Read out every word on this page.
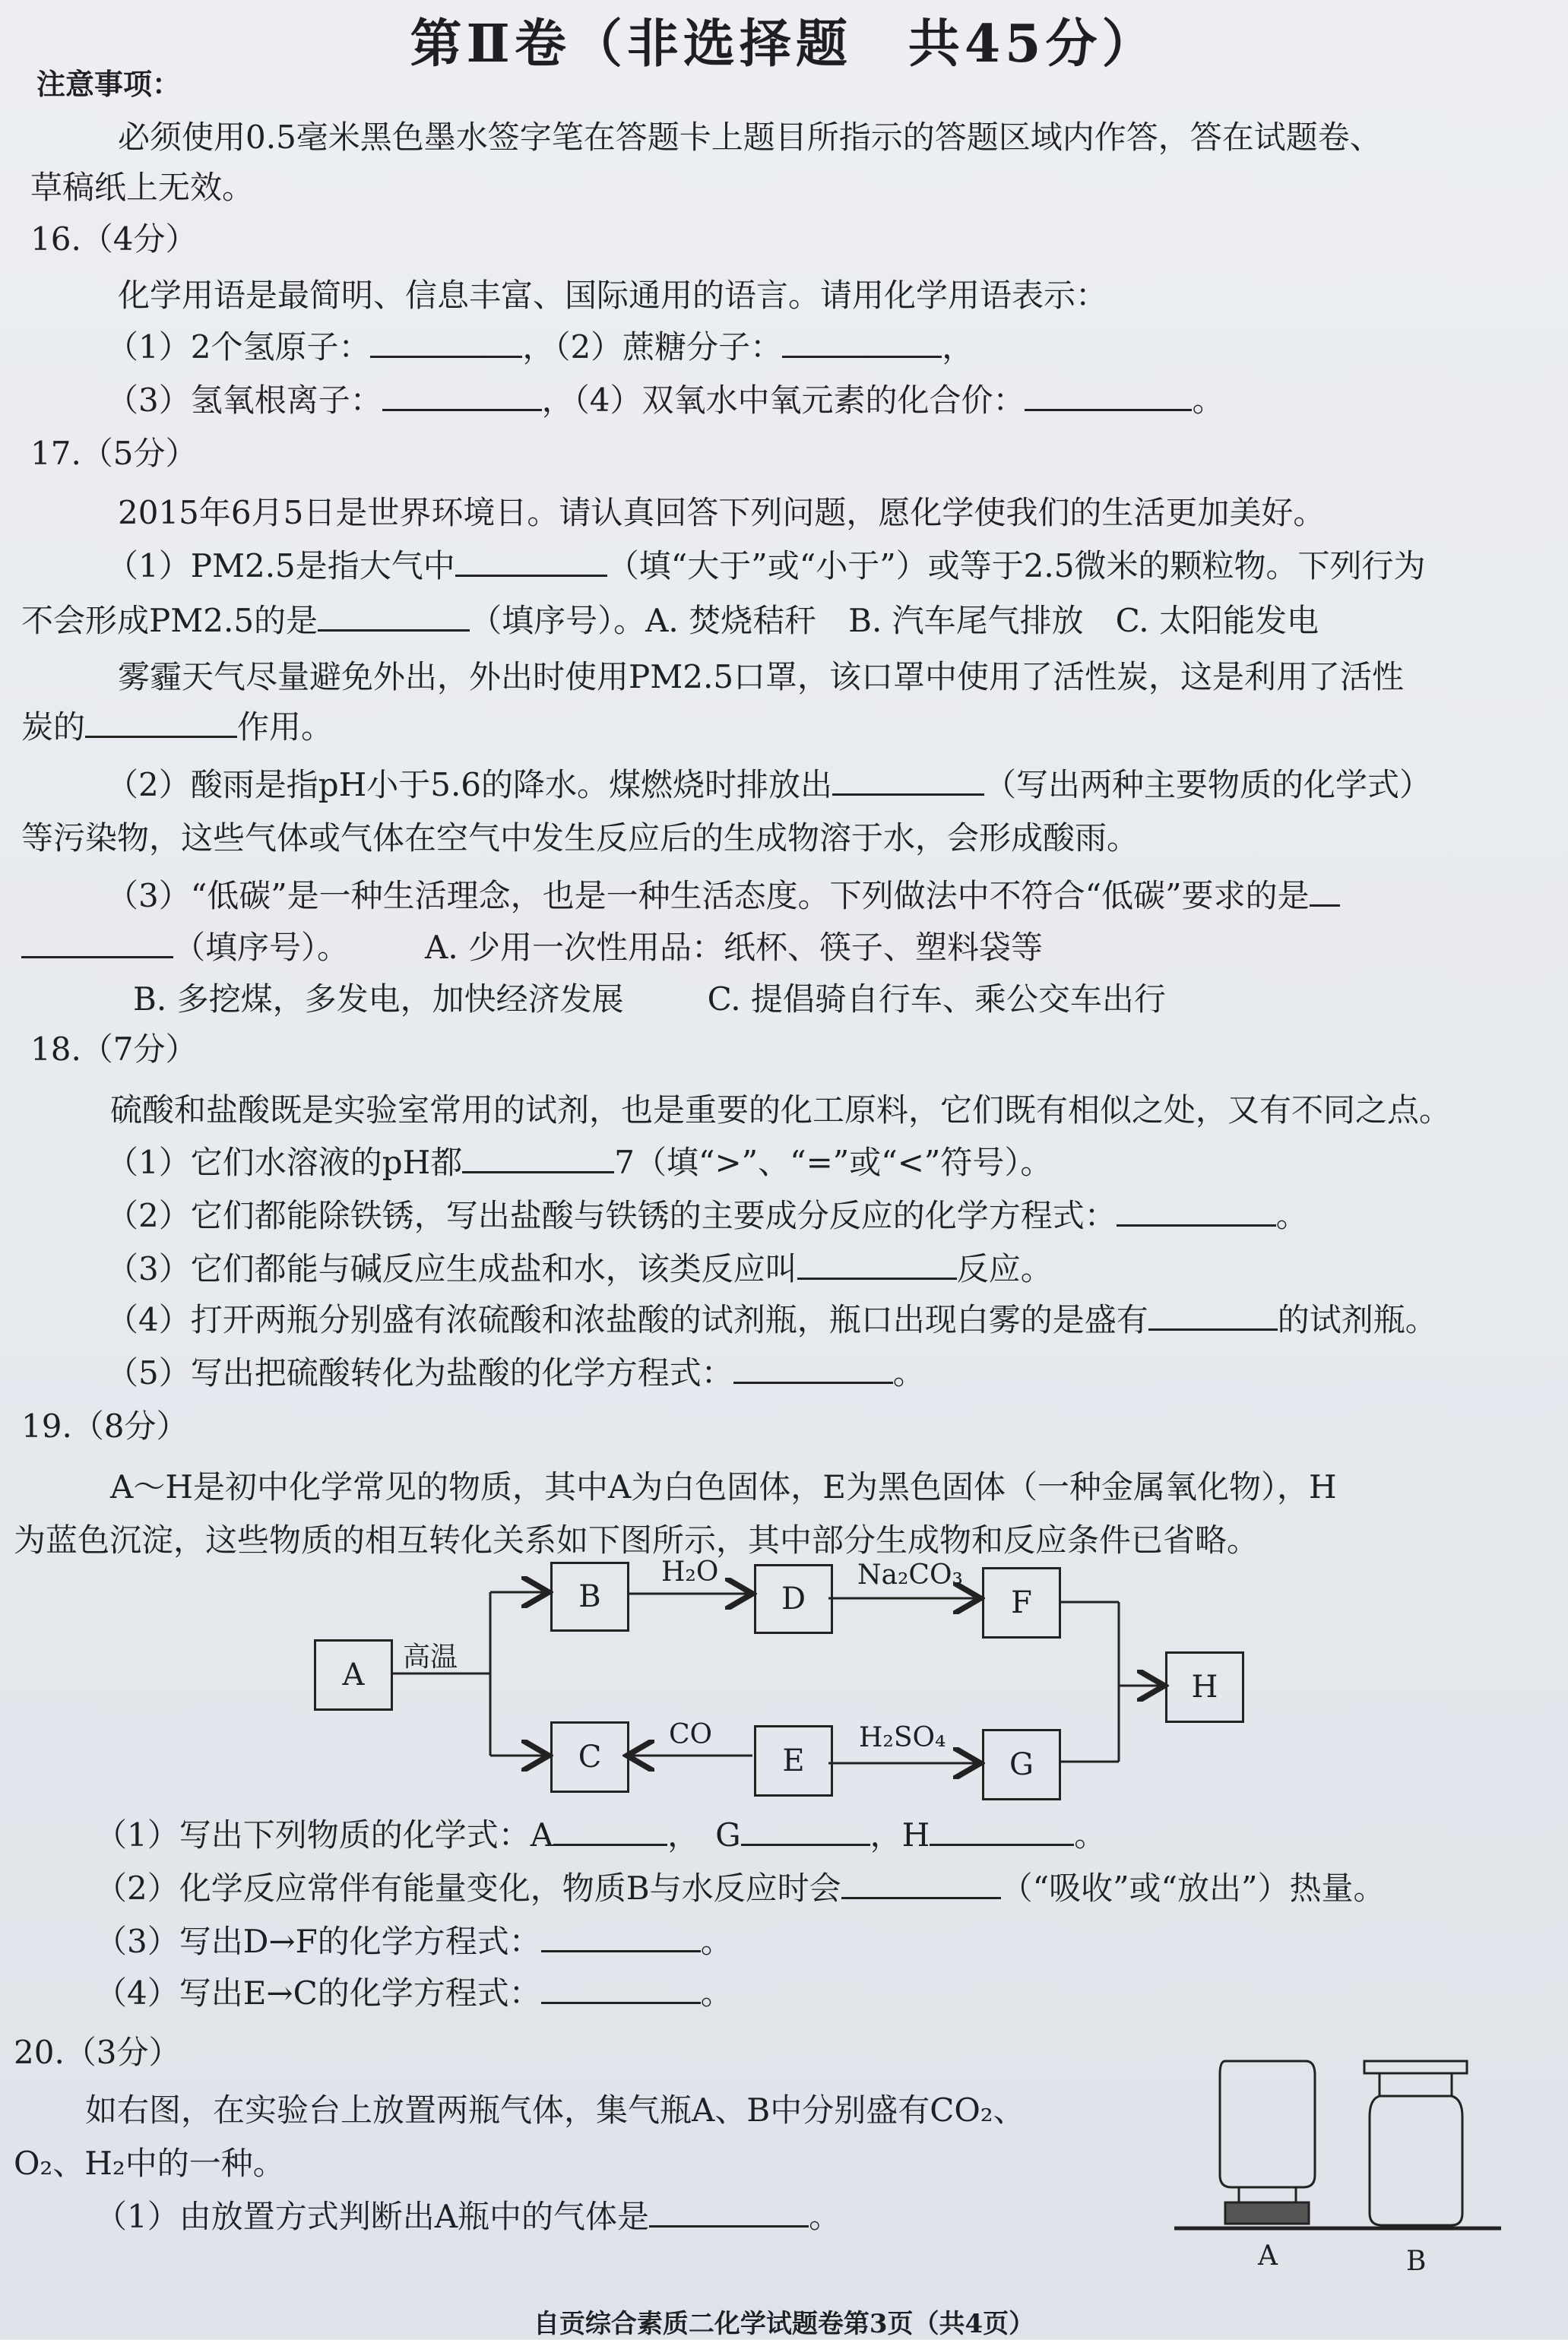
第Ⅱ卷（非选择题　共45分）
注意事项：
必须使用0.5毫米黑色墨水签字笔在答题卡上题目所指示的答题区域内作答，答在试题卷、
草稿纸上无效。
16.（4分）
化学用语是最简明、信息丰富、国际通用的语言。请用化学用语表示：
（1）2个氢原子：	，（2）蔗糖分子：	，
（3）氢氧根离子：	，（4）双氧水中氧元素的化合价：	。
17.（5分）
2015年6月5日是世界环境日。请认真回答下列问题，愿化学使我们的生活更加美好。
（1）PM2.5是指大气中	（填“大于”或“小于”）或等于2.5微米的颗粒物。下列行为
不会形成PM2.5的是	（填序号）。A. 焚烧秸秆　B. 汽车尾气排放　C. 太阳能发电
雾霾天气尽量避免外出，外出时使用PM2.5口罩，该口罩中使用了活性炭，这是利用了活性
炭的	作用。
（2）酸雨是指pH小于5.6的降水。煤燃烧时排放出	（写出两种主要物质的化学式）
等污染物，这些气体或气体在空气中发生反应后的生成物溶于水，会形成酸雨。
（3）“低碳”是一种生活理念，也是一种生活态度。下列做法中不符合“低碳”要求的是
（填序号）。 A. 少用一次性用品：纸杯、筷子、塑料袋等
B. 多挖煤，多发电，加快经济发展	C. 提倡骑自行车、乘公交车出行
18.（7分）
硫酸和盐酸既是实验室常用的试剂，也是重要的化工原料，它们既有相似之处，又有不同之点。
（1）它们水溶液的pH都	7（填“>”、“=”或“<”符号）。
（2）它们都能除铁锈，写出盐酸与铁锈的主要成分反应的化学方程式：	。
（3）它们都能与碱反应生成盐和水，该类反应叫	反应。
（4）打开两瓶分别盛有浓硫酸和浓盐酸的试剂瓶，瓶口出现白雾的是盛有	的试剂瓶。
（5）写出把硫酸转化为盐酸的化学方程式：	。
19.（8分）
A～H是初中化学常见的物质，其中A为白色固体，E为黑色固体（一种金属氧化物），H
为蓝色沉淀，这些物质的相互转化关系如下图所示，其中部分生成物和反应条件已省略。
A
B	D	F
H
C	E	G
高温
H₂O	Na₂CO₃
CO	H₂SO₄
（1）写出下列物质的化学式：A	，　G	，H	。
（2）化学反应常伴有能量变化，物质B与水反应时会	（“吸收”或“放出”）热量。
（3）写出D→F的化学方程式：	。
（4）写出E→C的化学方程式：	。
20.（3分）
如右图，在实验台上放置两瓶气体，集气瓶A、B中分别盛有CO₂、
O₂、H₂中的一种。
（1）由放置方式判断出A瓶中的气体是	。
A	B
自贡综合素质二化学试题卷第3页（共4页）
